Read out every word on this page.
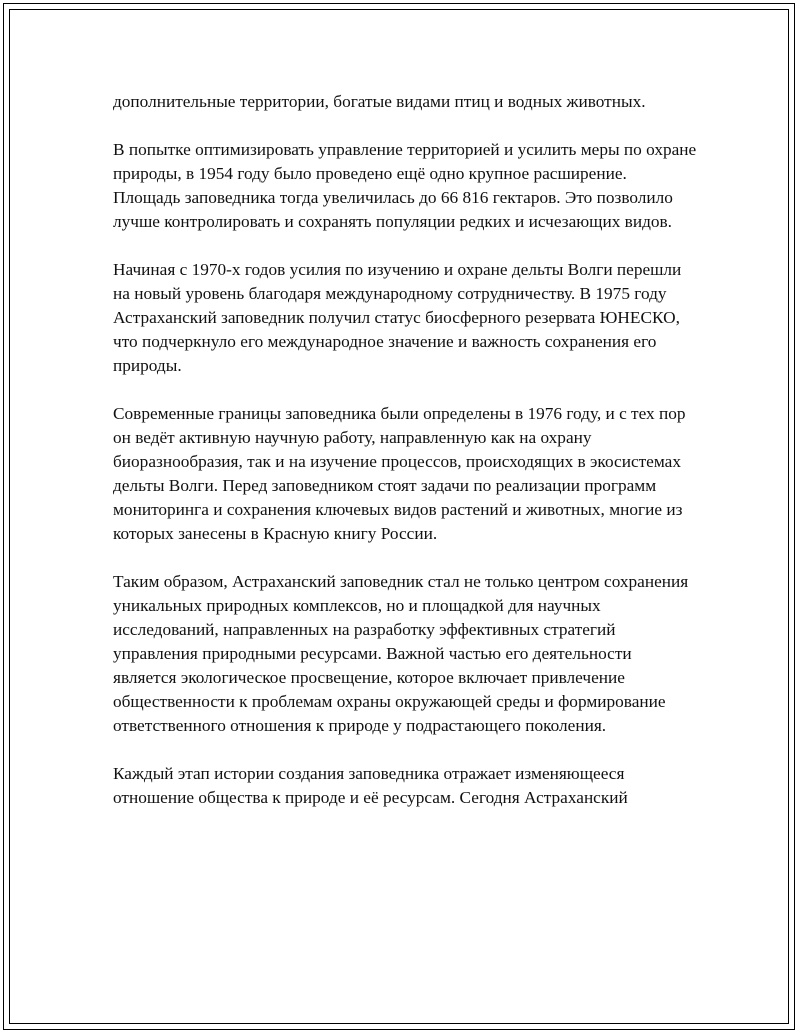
дополнительные территории, богатые видами птиц и водных животных.

В попытке оптимизировать управление территорией и усилить меры по охране природы, в 1954 году было проведено ещё одно крупное расширение. Площадь заповедника тогда увеличилась до 66 816 гектаров. Это позволило лучше контролировать и сохранять популяции редких и исчезающих видов.

Начиная с 1970-х годов усилия по изучению и охране дельты Волги перешли на новый уровень благодаря международному сотрудничеству. В 1975 году Астраханский заповедник получил статус биосферного резервата ЮНЕСКО, что подчеркнуло его международное значение и важность сохранения его природы.

Современные границы заповедника были определены в 1976 году, и с тех пор он ведёт активную научную работу, направленную как на охрану биоразнообразия, так и на изучение процессов, происходящих в экосистемах дельты Волги. Перед заповедником стоят задачи по реализации программ мониторинга и сохранения ключевых видов растений и животных, многие из которых занесены в Красную книгу России.

Таким образом, Астраханский заповедник стал не только центром сохранения уникальных природных комплексов, но и площадкой для научных исследований, направленных на разработку эффективных стратегий управления природными ресурсами. Важной частью его деятельности является экологическое просвещение, которое включает привлечение общественности к проблемам охраны окружающей среды и формирование ответственного отношения к природе у подрастающего поколения.

Каждый этап истории создания заповедника отражает изменяющееся отношение общества к природе и её ресурсам. Сегодня Астраханский
